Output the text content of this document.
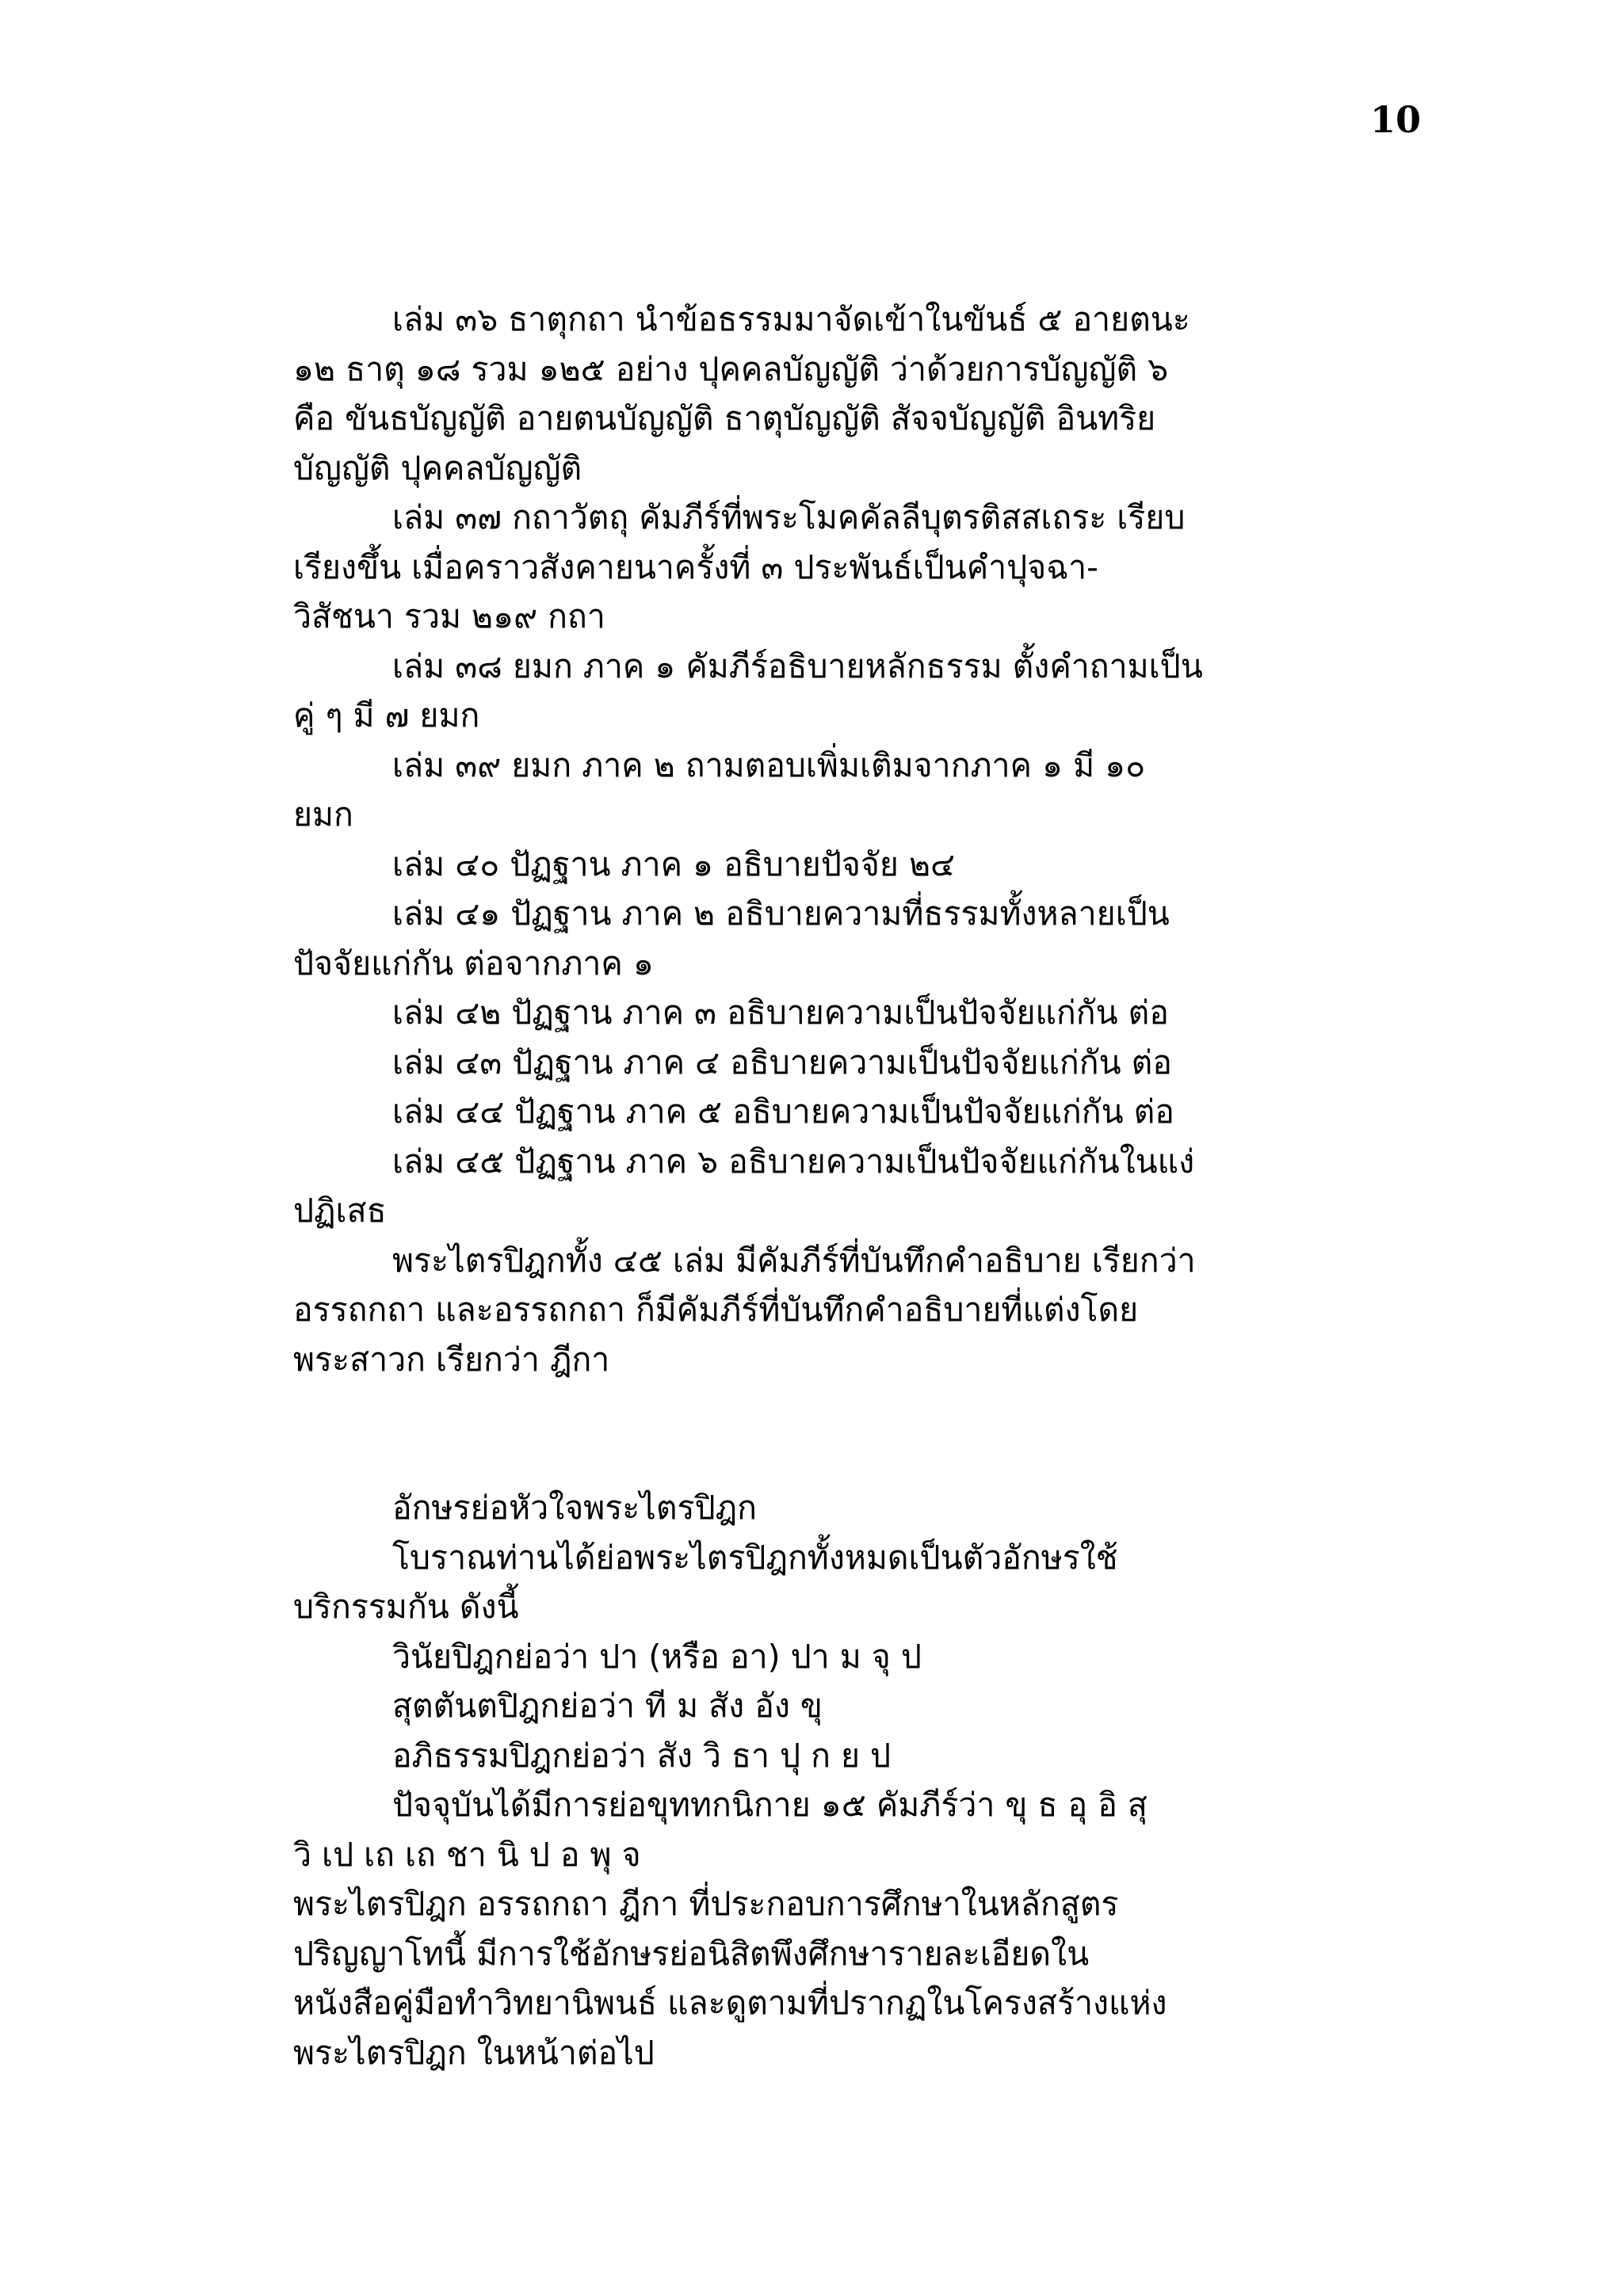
10
เล่ม ๓๖ ธาตุกถา นำข้อธรรมมาจัดเข้าในขันธ์ ๕ อายตนะ
๑๒ ธาตุ ๑๘ รวม ๑๒๕ อย่าง ปุคคลบัญญัติ ว่าด้วยการบัญญัติ ๖
คือ ขันธบัญญัติ อายตนบัญญัติ ธาตุบัญญัติ สัจจบัญญัติ อินทริย
บัญญัติ ปุคคลบัญญัติ
เล่ม ๓๗ กถาวัตถุ คัมภีร์ที่พระโมคคัลลีบุตรติสสเถระ เรียบ
เรียงขึ้น เมื่อคราวสังคายนาครั้งที่ ๓ ประพันธ์เป็นคำปุจฉา-
วิสัชนา รวม ๒๑๙ กถา
เล่ม ๓๘ ยมก ภาค ๑ คัมภีร์อธิบายหลักธรรม ตั้งคำถามเป็น
คู่ ๆ มี ๗ ยมก
เล่ม ๓๙ ยมก ภาค ๒ ถามตอบเพิ่มเติมจากภาค ๑ มี ๑๐
ยมก
เล่ม ๔๐ ปัฏฐาน ภาค ๑ อธิบายปัจจัย ๒๔
เล่ม ๔๑ ปัฏฐาน ภาค ๒ อธิบายความที่ธรรมทั้งหลายเป็น
ปัจจัยแก่กัน ต่อจากภาค ๑
เล่ม ๔๒ ปัฏฐาน ภาค ๓ อธิบายความเป็นปัจจัยแก่กัน ต่อ
เล่ม ๔๓ ปัฏฐาน ภาค ๔ อธิบายความเป็นปัจจัยแก่กัน ต่อ
เล่ม ๔๔ ปัฏฐาน ภาค ๕ อธิบายความเป็นปัจจัยแก่กัน ต่อ
เล่ม ๔๕ ปัฏฐาน ภาค ๖ อธิบายความเป็นปัจจัยแก่กันในแง่
ปฏิเสธ
พระไตรปิฎกทั้ง ๔๕ เล่ม มีคัมภีร์ที่บันทึกคำอธิบาย เรียกว่า
อรรถกถา และอรรถกถา ก็มีคัมภีร์ที่บันทึกคำอธิบายที่แต่งโดย
พระสาวก เรียกว่า ฎีกา
อักษรย่อหัวใจพระไตรปิฎก
โบราณท่านได้ย่อพระไตรปิฎกทั้งหมดเป็นตัวอักษรใช้
บริกรรมกัน ดังนี้
วินัยปิฎกย่อว่า ปา (หรือ อา) ปา ม จุ ป
สุตตันตปิฎกย่อว่า ที ม สัง อัง ขุ
อภิธรรมปิฎกย่อว่า สัง วิ ธา ปุ ก ย ป
ปัจจุบันได้มีการย่อขุททกนิกาย ๑๕ คัมภีร์ว่า ขุ ธ อุ อิ สุ
วิ เป เถ เถ ชา นิ ป อ พุ จ
พระไตรปิฎก อรรถกถา ฎีกา ที่ประกอบการศึกษาในหลักสูตร
ปริญญาโทนี้ มีการใช้อักษรย่อนิสิตพึงศึกษารายละเอียดใน
หนังสือคู่มือทำวิทยานิพนธ์ และดูตามที่ปรากฏในโครงสร้างแห่ง
พระไตรปิฎก ในหน้าต่อไป
